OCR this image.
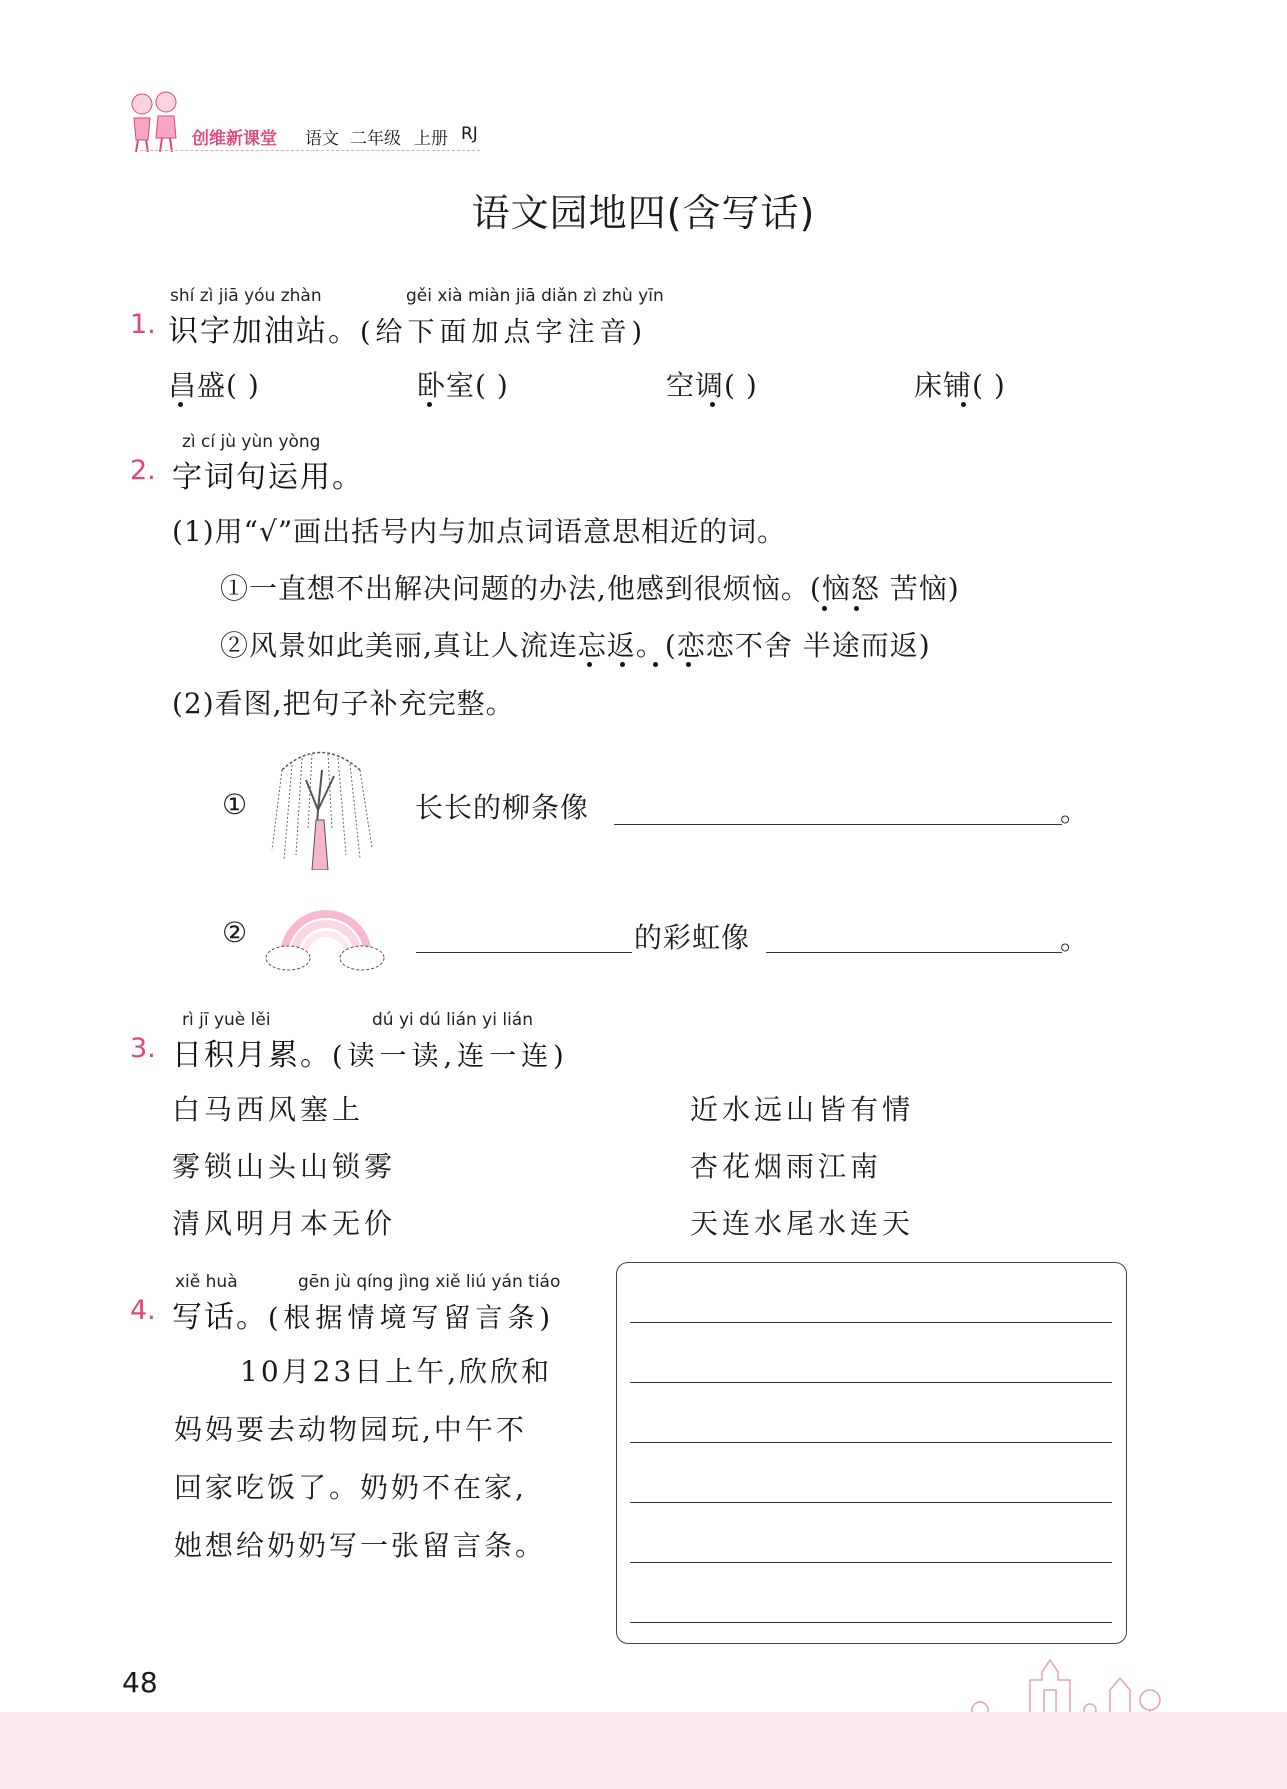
创维新课堂 语文 二年级 上册 RJ
语文园地四(含写话)
shí zì jiā yóu zhàn	gěi xià miàn jiā diǎn zì zhù yīn
1. 识字加油站。(给下面加点字注音)
昌盛( )	卧室( )	空调( )	床铺( )
zì cí jù yùn yòng
2. 字词句运用。
(1)用“√”画出括号内与加点词语意思相近的词。
①一直想不出解决问题的办法,他感到很烦恼。(恼怒 苦恼)
②风景如此美丽,真让人流连忘返。(恋恋不舍 半途而返)
(2)看图,把句子补充完整。
①	长长的柳条像	。
②	的彩虹像	。
rì jī yuè lěi	dú yi dú lián yi lián
3. 日积月累。(读一读,连一连)
白马西风塞上
雾锁山头山锁雾
清风明月本无价
近水远山皆有情
杏花烟雨江南
天连水尾水连天
xiě huà	gēn jù qíng jìng xiě liú yán tiáo
4. 写话。(根据情境写留言条)
10月23日上午,欣欣和
妈妈要去动物园玩,中午不
回家吃饭了。奶奶不在家,
她想给奶奶写一张留言条。
48
